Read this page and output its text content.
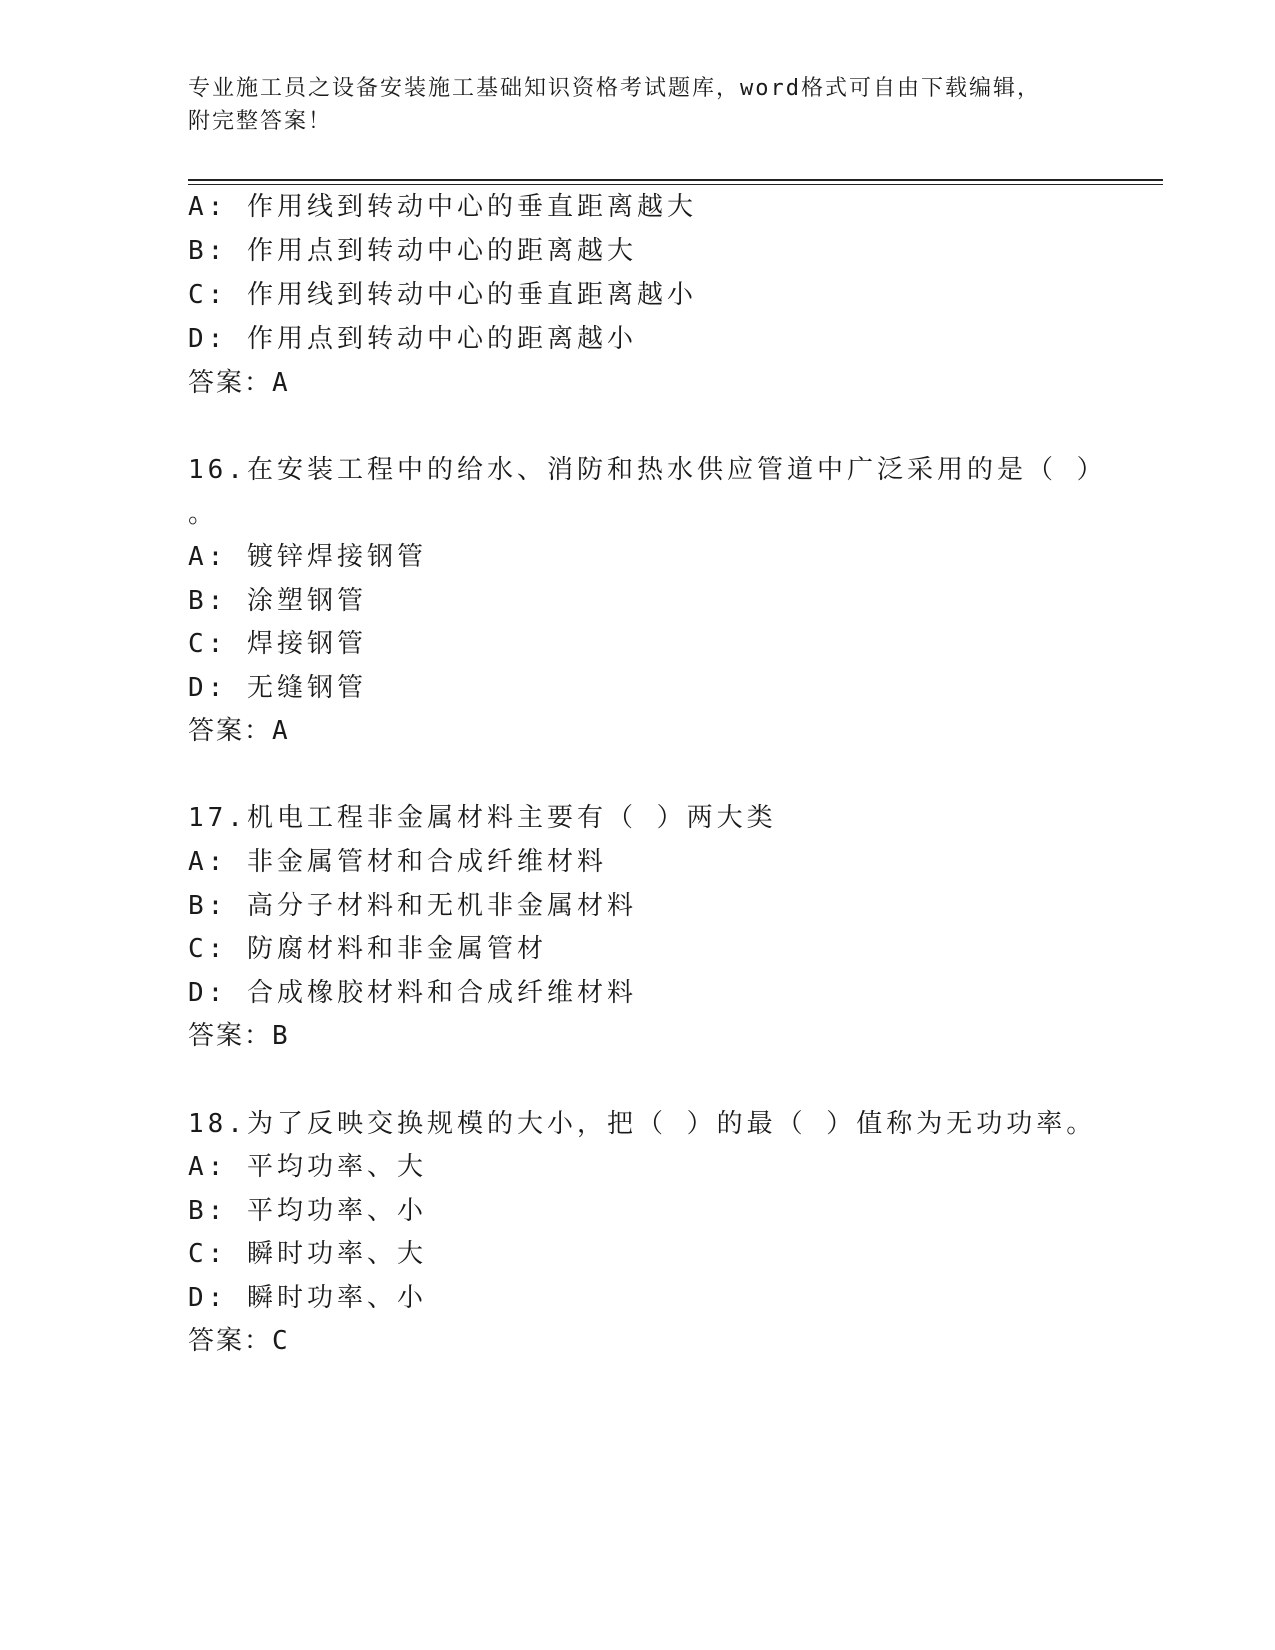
专业施工员之设备安装施工基础知识资格考试题库，word格式可自由下载编辑，
附完整答案！
A: 作用线到转动中心的垂直距离越大
B: 作用点到转动中心的距离越大
C: 作用线到转动中心的垂直距离越小
D: 作用点到转动中心的距离越小
答案：A
16.在安装工程中的给水、消防和热水供应管道中广泛采用的是（ ）
。
A: 镀锌焊接钢管
B: 涂塑钢管
C: 焊接钢管
D: 无缝钢管
答案：A
17.机电工程非金属材料主要有（ ）两大类
A: 非金属管材和合成纤维材料
B: 高分子材料和无机非金属材料
C: 防腐材料和非金属管材
D: 合成橡胶材料和合成纤维材料
答案：B
18.为了反映交换规模的大小，把（ ）的最（ ）值称为无功功率。
A: 平均功率、大
B: 平均功率、小
C: 瞬时功率、大
D: 瞬时功率、小
答案：C
